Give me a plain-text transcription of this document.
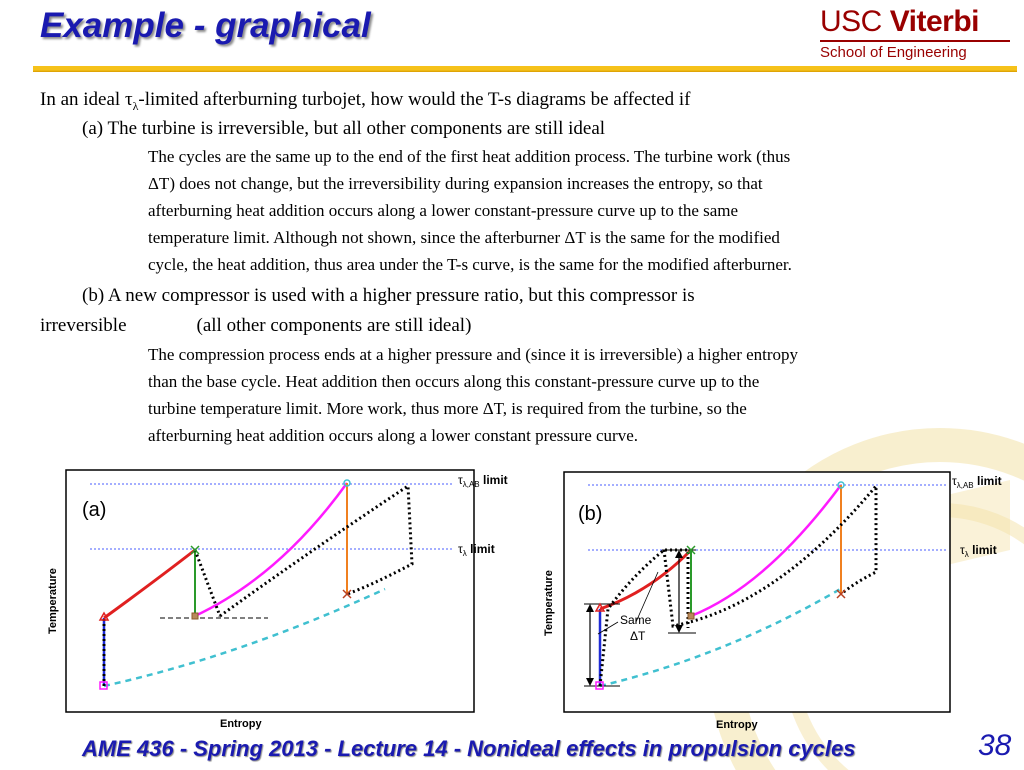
Example - graphical	USC Viterbi
School of Engineering
In an ideal $\tau_\lambda$-limited afterburning turbojet, how would the T-s diagrams be affected if
(a) The turbine is irreversible, but all other components are still ideal
The cycles are the same up to the end of the first heat addition process. The turbine work (thus
ΔT) does not change, but the irreversibility during expansion increases the entropy, so that
afterburning heat addition occurs along a lower constant-pressure curve up to the same
temperature limit. Although not shown, since the afterburner ΔT is the same for the modified
cycle, the heat addition, thus area under the T-s curve, is the same for the modified afterburner.
(b) A new compressor is used with a higher pressure ratio, but this compressor is
irreversible	(all other components are still ideal)
The compression process ends at a higher pressure and (since it is irreversible) a higher entropy
than the base cycle. Heat addition then occurs along this constant-pressure curve up to the
turbine temperature limit. More work, thus more ΔT, is required from the turbine, so the
afterburning heat addition occurs along a lower constant pressure curve.
(a)
Temperature
Entropy
$\tau_{\lambda,AB}$ limit
$\tau_\lambda$ limit
(b)
Temperature
Entropy
Same
ΔT
$\tau_{\lambda,AB}$ limit
$\tau_\lambda$ limit
AME 436 - Spring 2013 - Lecture 14 - Nonideal effects in propulsion cycles	38
